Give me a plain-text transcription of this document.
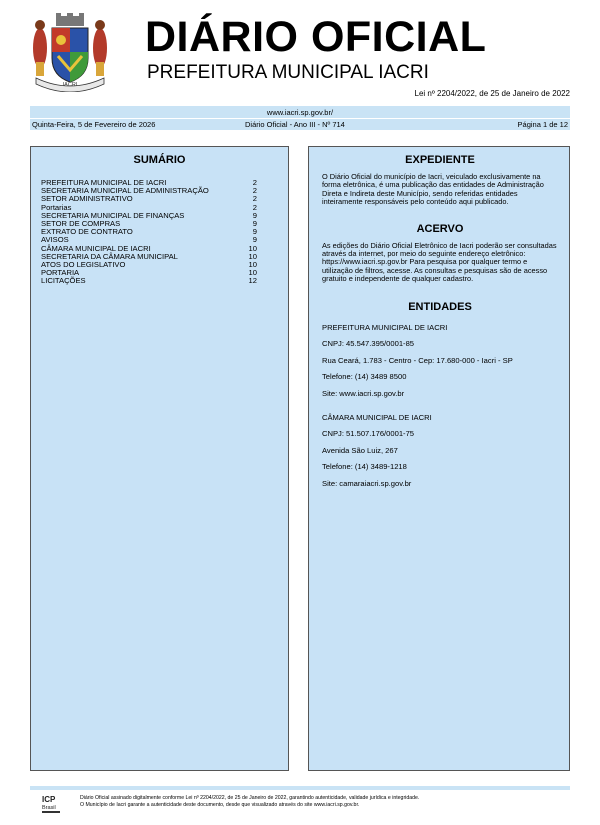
IACRI
DIÁRIO OFICIAL
PREFEITURA MUNICIPAL IACRI
Lei nº 2204/2022, de 25 de Janeiro de 2022
www.iacri.sp.gov.br/
Quinta-Feira, 5 de Fevereiro de 2026	Diário Oficial - Ano III - Nº 714	Página 1 de 12
SUMÁRIO
PREFEITURA MUNICIPAL DE IACRI	2
SECRETARIA MUNICIPAL DE ADMINISTRAÇÃO	2
SETOR ADMINISTRATIVO	2
Portarias	2
SECRETARIA MUNICIPAL DE FINANÇAS	9
SETOR DE COMPRAS	9
EXTRATO DE CONTRATO	9
AVISOS	9
CÂMARA MUNICIPAL DE IACRI	10
SECRETARIA DA CÂMARA MUNICIPAL	10
ATOS DO LEGISLATIVO	10
PORTARIA	10
LICITAÇÕES	12
EXPEDIENTE
O Diário Oficial do município de Iacri, veiculado exclusivamente na forma eletrônica, é uma publicação das entidades de Administração Direta e Indireta deste Município, sendo referidas entidades inteiramente responsáveis pelo conteúdo aqui publicado.
ACERVO
As edições do Diário Oficial Eletrônico de Iacri poderão ser consultadas através da internet, por meio do seguinte endereço eletrônico: https://www.iacri.sp.gov.br Para pesquisa por qualquer termo e utilização de filtros, acesse. As consultas e pesquisas são de acesso gratuito e independente de qualquer cadastro.
ENTIDADES
PREFEITURA MUNICIPAL DE IACRI
CNPJ: 45.547.395/0001-85
Rua Ceará, 1.783 - Centro - Cep: 17.680-000 - Iacri - SP
Telefone: (14) 3489 8500
Site: www.iacri.sp.gov.br
CÂMARA MUNICIPAL DE IACRI
CNPJ: 51.507.176/0001-75
Avenida São Luiz, 267
Telefone: (14) 3489-1218
Site: camaraiacri.sp.gov.br
ICP
Brasil
Diário Oficial assinado digitalmente conforme Lei nº 2204/2022, de 25 de Janeiro de 2022, garantindo autenticidade, validade jurídica e integridade.
O Município de Iacri garante a autenticidade deste documento, desde que visualizado através do site www.iacri.sp.gov.br.
